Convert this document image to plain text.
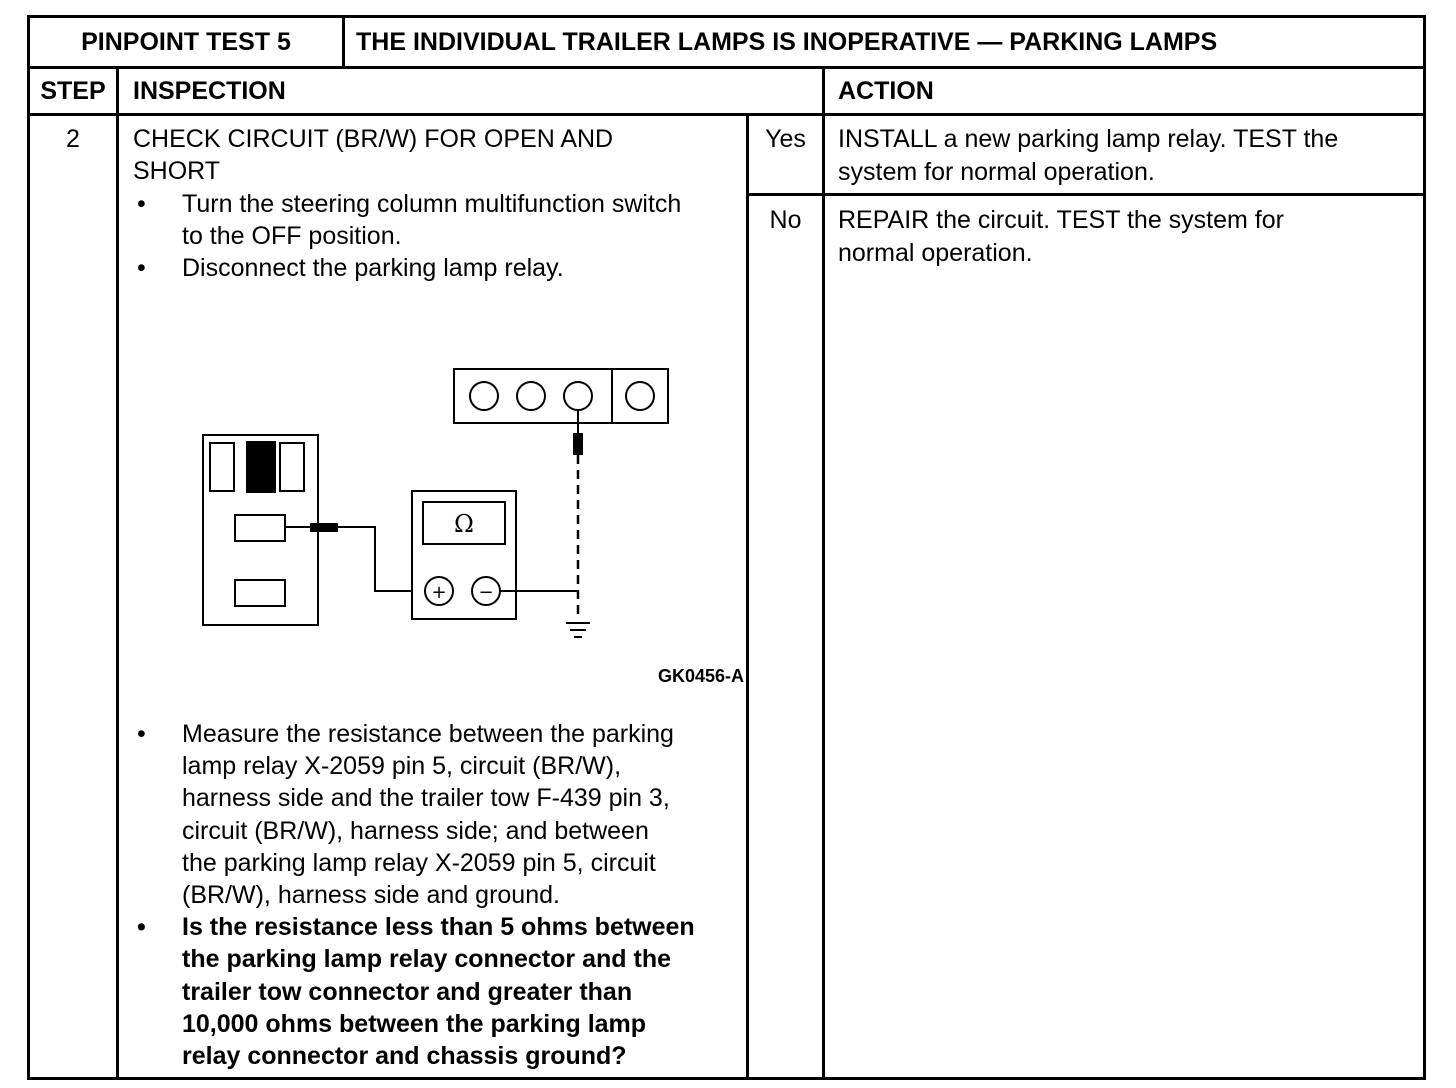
PINPOINT TEST 5	THE INDIVIDUAL TRAILER LAMPS IS INOPERATIVE — PARKING LAMPS
STEP	INSPECTION	ACTION
2	CHECK CIRCUIT (BR/W) FOR OPEN AND
SHORT
• Turn the steering column multifunction switch
to the OFF position.
• Disconnect the parking lamp relay.
Ω
+ −
GK0456-A
• Measure the resistance between the parking
lamp relay X-2059 pin 5, circuit (BR/W),
harness side and the trailer tow F-439 pin 3,
circuit (BR/W), harness side; and between
the parking lamp relay X-2059 pin 5, circuit
(BR/W), harness side and ground.
• Is the resistance less than 5 ohms between
the parking lamp relay connector and the
trailer tow connector and greater than
10,000 ohms between the parking lamp
relay connector and chassis ground?
Yes	INSTALL a new parking lamp relay. TEST the
system for normal operation.
No	REPAIR the circuit. TEST the system for
normal operation.
